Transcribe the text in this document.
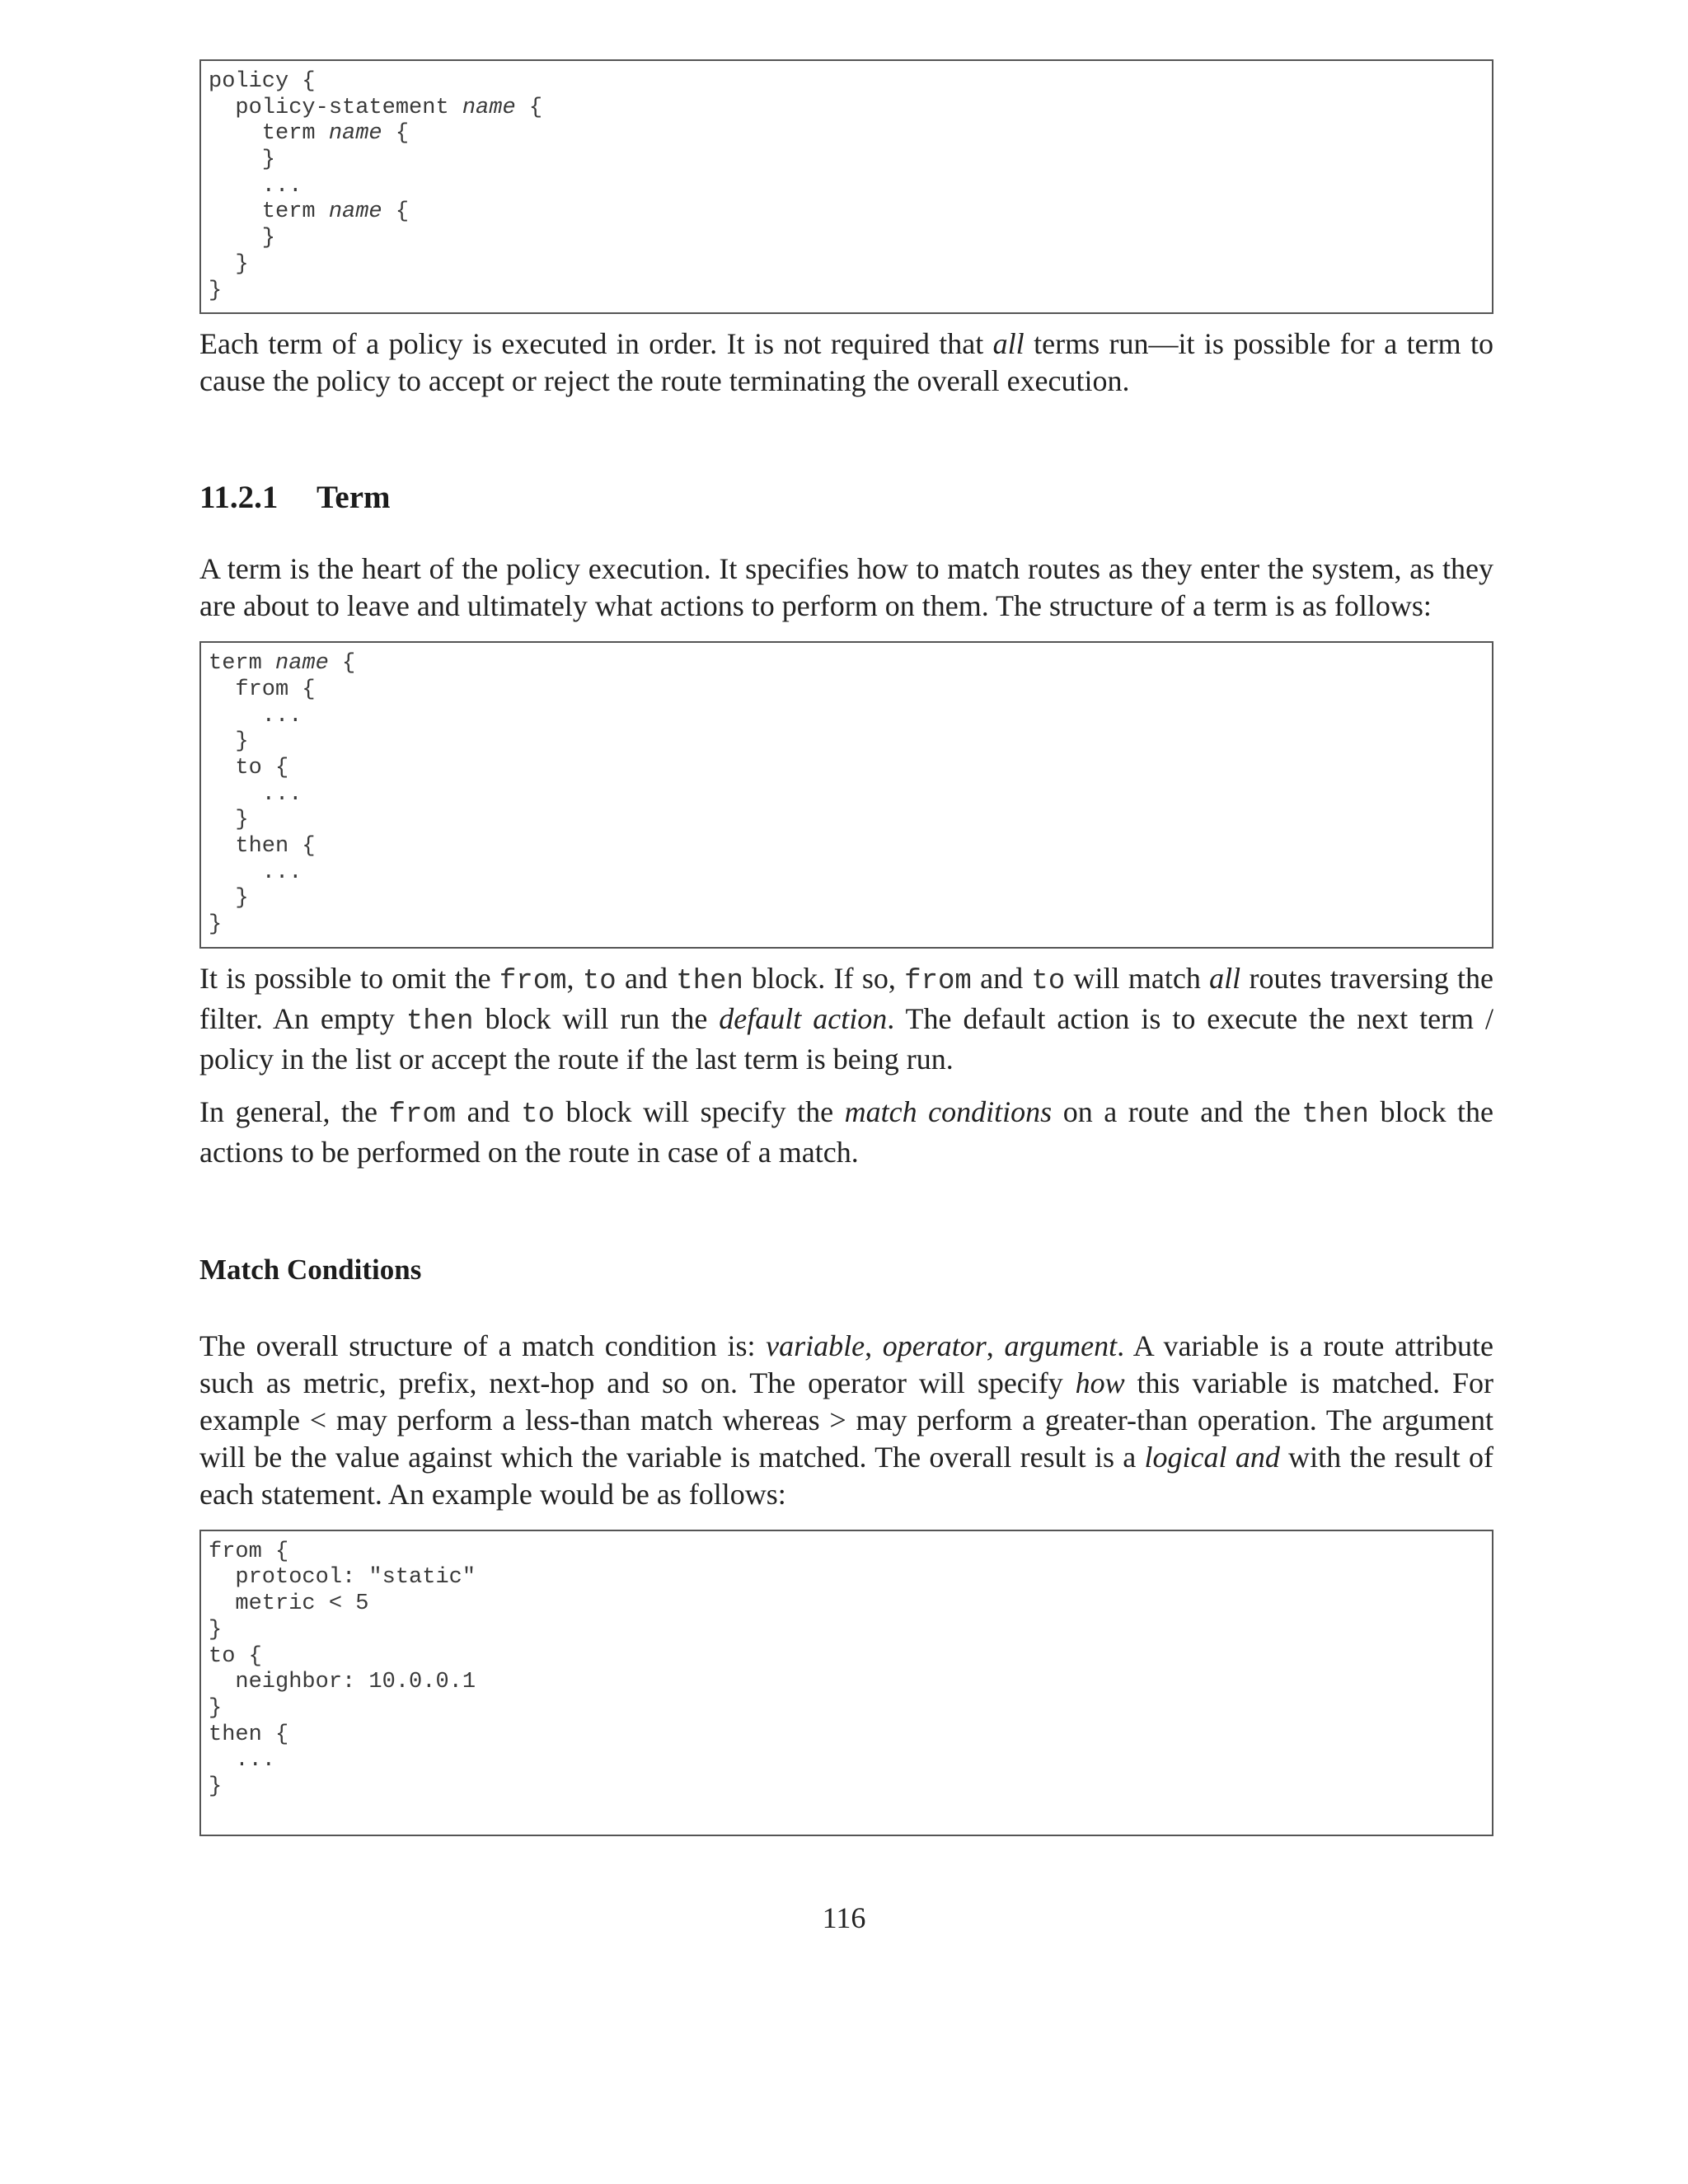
policy {
policy-statement name {
term name {
}
...
term name {
}
}
}

Each term of a policy is executed in order. It is not required that all terms run—it is possible for a term to cause the policy to accept or reject the route terminating the overall execution.

11.2.1 Term

A term is the heart of the policy execution. It specifies how to match routes as they enter the system, as they are about to leave and ultimately what actions to perform on them. The structure of a term is as follows:

term name {
from {
...
}
to {
...
}
then {
...
}
}

It is possible to omit the from, to and then block. If so, from and to will match all routes traversing the filter. An empty then block will run the default action. The default action is to execute the next term / policy in the list or accept the route if the last term is being run.

In general, the from and to block will specify the match conditions on a route and the then block the actions to be performed on the route in case of a match.

Match Conditions

The overall structure of a match condition is: variable, operator, argument. A variable is a route attribute such as metric, prefix, next-hop and so on. The operator will specify how this variable is matched. For example < may perform a less-than match whereas > may perform a greater-than operation. The argument will be the value against which the variable is matched. The overall result is a logical and with the result of each statement. An example would be as follows:

from {
protocol: "static"
metric < 5
}
to {
neighbor: 10.0.0.1
}
then {
...
}
116
